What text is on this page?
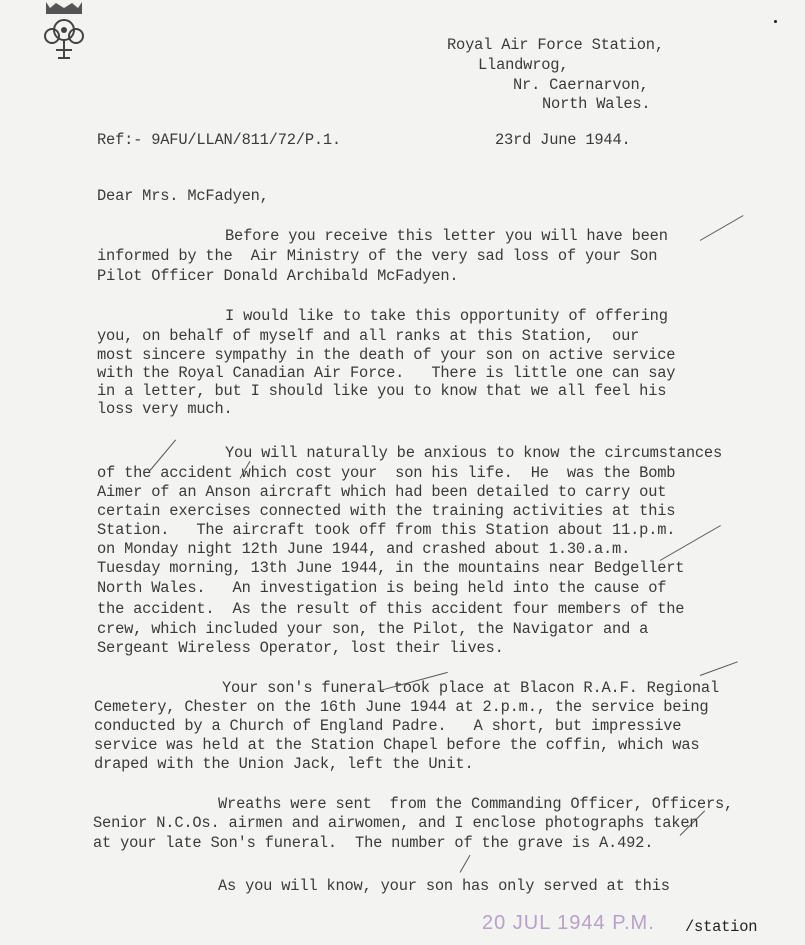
Royal Air Force Station,
Llandwrog,
Nr. Caernarvon,
North Wales.
Ref:- 9AFU/LLAN/811/72/P.1.	23rd June 1944.
Dear Mrs. McFadyen,
Before you receive this letter you will have been
informed by the  Air Ministry of the very sad loss of your Son
Pilot Officer Donald Archibald McFadyen.
I would like to take this opportunity of offering
you, on behalf of myself and all ranks at this Station,  our
most sincere sympathy in the death of your son on active service
with the Royal Canadian Air Force.   There is little one can say
in a letter, but I should like you to know that we all feel his
loss very much.
You will naturally be anxious to know the circumstances
of the accident which cost your  son his life.  He  was the Bomb
Aimer of an Anson aircraft which had been detailed to carry out
certain exercises connected with the training activities at this
Station.   The aircraft took off from this Station about 11.p.m.
on Monday night 12th June 1944, and crashed about 1.30.a.m.
Tuesday morning, 13th June 1944, in the mountains near Bedgellert
North Wales.   An investigation is being held into the cause of
the accident.  As the result of this accident four members of the
crew, which included your son, the Pilot, the Navigator and a
Sergeant Wireless Operator, lost their lives.
Your son's funeral took place at Blacon R.A.F. Regional
Cemetery, Chester on the 16th June 1944 at 2.p.m., the service being
conducted by a Church of England Padre.   A short, but impressive
service was held at the Station Chapel before the coffin, which was
draped with the Union Jack, left the Unit.
Wreaths were sent  from the Commanding Officer, Officers,
Senior N.C.Os. airmen and airwomen, and I enclose photographs taken
at your late Son's funeral.  The number of the grave is A.492.
As you will know, your son has only served at this
20 JUL 1944 P.M. /station
